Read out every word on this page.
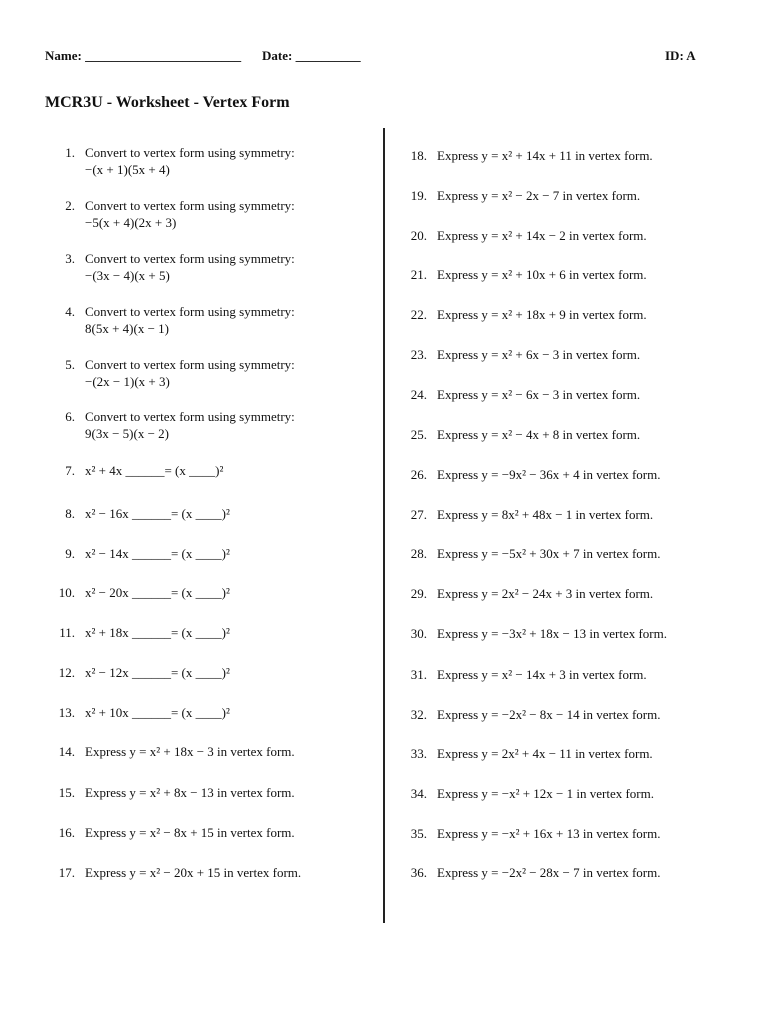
Name: ________________________ Date: __________	ID: A
MCR3U - Worksheet - Vertex Form
1. Convert to vertex form using symmetry:
−(x + 1)(5x + 4)
2. Convert to vertex form using symmetry:
−5(x + 4)(2x + 3)
3. Convert to vertex form using symmetry:
−(3x − 4)(x + 5)
4. Convert to vertex form using symmetry:
8(5x + 4)(x − 1)
5. Convert to vertex form using symmetry:
−(2x − 1)(x + 3)
6. Convert to vertex form using symmetry:
9(3x − 5)(x − 2)
7. x² + 4x ______= (x ____)²
8. x² − 16x ______= (x ____)²
9. x² − 14x ______= (x ____)²
10. x² − 20x ______= (x ____)²
11. x² + 18x ______= (x ____)²
12. x² − 12x ______= (x ____)²
13. x² + 10x ______= (x ____)²
14. Express y = x² + 18x − 3 in vertex form.
15. Express y = x² + 8x − 13 in vertex form.
16. Express y = x² − 8x + 15 in vertex form.
17. Express y = x² − 20x + 15 in vertex form.
18. Express y = x² + 14x + 11 in vertex form.
19. Express y = x² − 2x − 7 in vertex form.
20. Express y = x² + 14x − 2 in vertex form.
21. Express y = x² + 10x + 6 in vertex form.
22. Express y = x² + 18x + 9 in vertex form.
23. Express y = x² + 6x − 3 in vertex form.
24. Express y = x² − 6x − 3 in vertex form.
25. Express y = x² − 4x + 8 in vertex form.
26. Express y = −9x² − 36x + 4 in vertex form.
27. Express y = 8x² + 48x − 1 in vertex form.
28. Express y = −5x² + 30x + 7 in vertex form.
29. Express y = 2x² − 24x + 3 in vertex form.
30. Express y = −3x² + 18x − 13 in vertex form.
31. Express y = x² − 14x + 3 in vertex form.
32. Express y = −2x² − 8x − 14 in vertex form.
33. Express y = 2x² + 4x − 11 in vertex form.
34. Express y = −x² + 12x − 1 in vertex form.
35. Express y = −x² + 16x + 13 in vertex form.
36. Express y = −2x² − 28x − 7 in vertex form.
